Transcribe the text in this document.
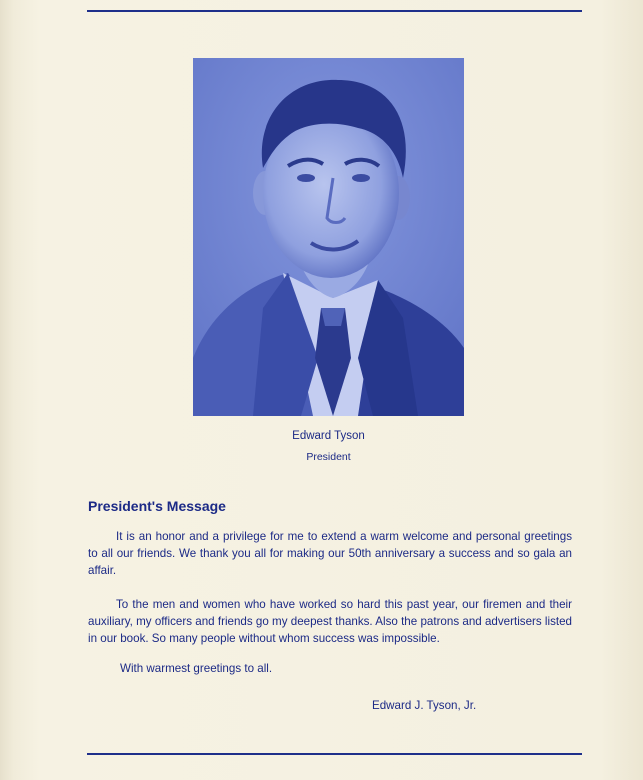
Edward Tyson
President
President's Message
It is an honor and a privilege for me to extend a warm welcome and personal greetings to all our friends. We thank you all for making our 50th anniversary a success and so gala an affair.
To the men and women who have worked so hard this past year, our firemen and their auxiliary, my officers and friends go my deepest thanks. Also the patrons and advertisers listed in our book. So many people without whom success was impossible.
With warmest greetings to all.
Edward J. Tyson, Jr.
